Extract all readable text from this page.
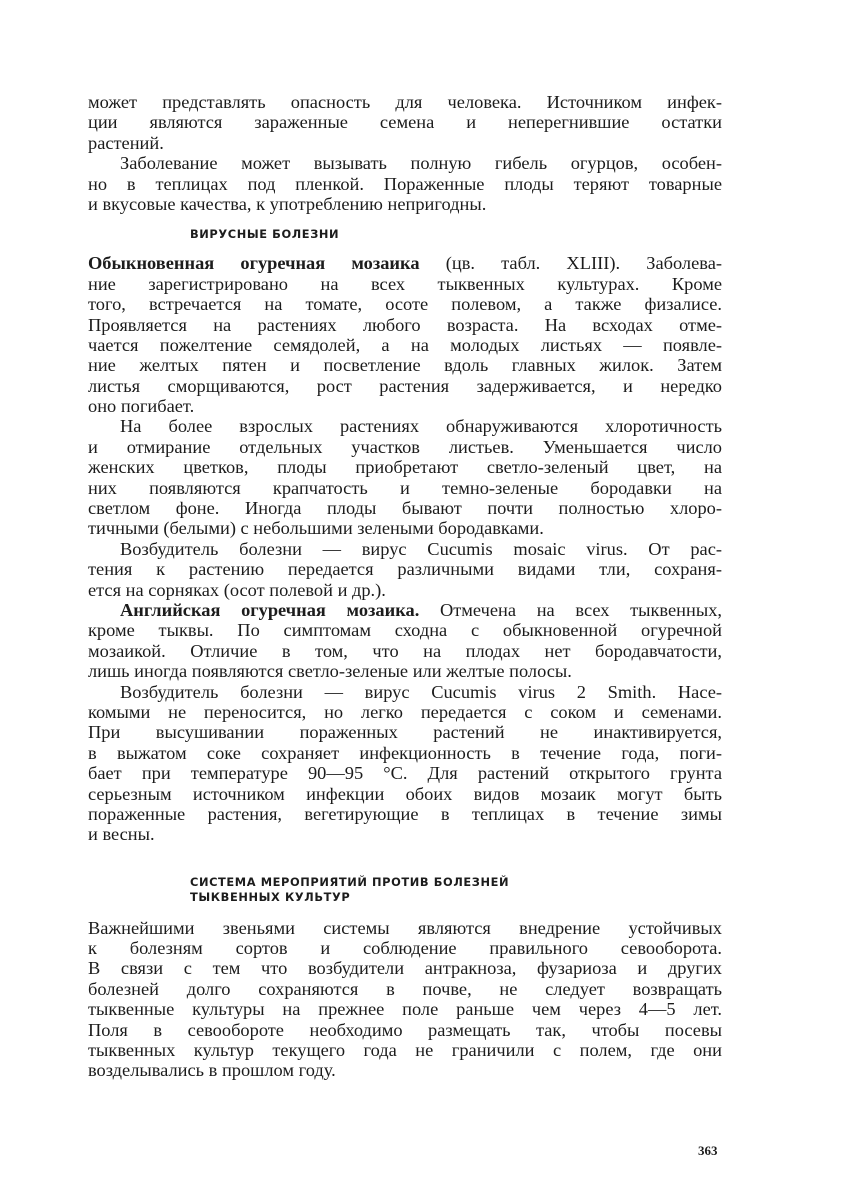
может представлять опасность для человека. Источником инфек-
ции являются зараженные семена и неперегнившие остатки
растений.
Заболевание может вызывать полную гибель огурцов, особен-
но в теплицах под пленкой. Пораженные плоды теряют товарные
и вкусовые качества, к употреблению непригодны.
ВИРУСНЫЕ БОЛЕЗНИ
Обыкновенная огуречная мозаика (цв. табл. XLIII). Заболева-
ние зарегистрировано на всех тыквенных культурах. Кроме
того, встречается на томате, осоте полевом, а также физалисе.
Проявляется на растениях любого возраста. На всходах отме-
чается пожелтение семядолей, а на молодых листьях — появле-
ние желтых пятен и посветление вдоль главных жилок. Затем
листья сморщиваются, рост растения задерживается, и нередко
оно погибает.
На более взрослых растениях обнаруживаются хлоротичность
и отмирание отдельных участков листьев. Уменьшается число
женских цветков, плоды приобретают светло-зеленый цвет, на
них появляются крапчатость и темно-зеленые бородавки на
светлом фоне. Иногда плоды бывают почти полностью хлоро-
тичными (белыми) с небольшими зелеными бородавками.
Возбудитель болезни — вирус Cucumis mosaic virus. От рас-
тения к растению передается различными видами тли, сохраня-
ется на сорняках (осот полевой и др.).
Английская огуречная мозаика. Отмечена на всех тыквенных,
кроме тыквы. По симптомам сходна с обыкновенной огуречной
мозаикой. Отличие в том, что на плодах нет бородавчатости,
лишь иногда появляются светло-зеленые или желтые полосы.
Возбудитель болезни — вирус Cucumis virus 2 Smith. Насе-
комыми не переносится, но легко передается с соком и семенами.
При высушивании пораженных растений не инактивируется,
в выжатом соке сохраняет инфекционность в течение года, поги-
бает при температуре 90—95 °С. Для растений открытого грунта
серьезным источником инфекции обоих видов мозаик могут быть
пораженные растения, вегетирующие в теплицах в течение зимы
и весны.
СИСТЕМА МЕРОПРИЯТИЙ ПРОТИВ БОЛЕЗНЕЙ
ТЫКВЕННЫХ КУЛЬТУР
Важнейшими звеньями системы являются внедрение устойчивых
к болезням сортов и соблюдение правильного севооборота.
В связи с тем что возбудители антракноза, фузариоза и других
болезней долго сохраняются в почве, не следует возвращать
тыквенные культуры на прежнее поле раньше чем через 4—5 лет.
Поля в севообороте необходимо размещать так, чтобы посевы
тыквенных культур текущего года не граничили с полем, где они
возделывались в прошлом году.
363
